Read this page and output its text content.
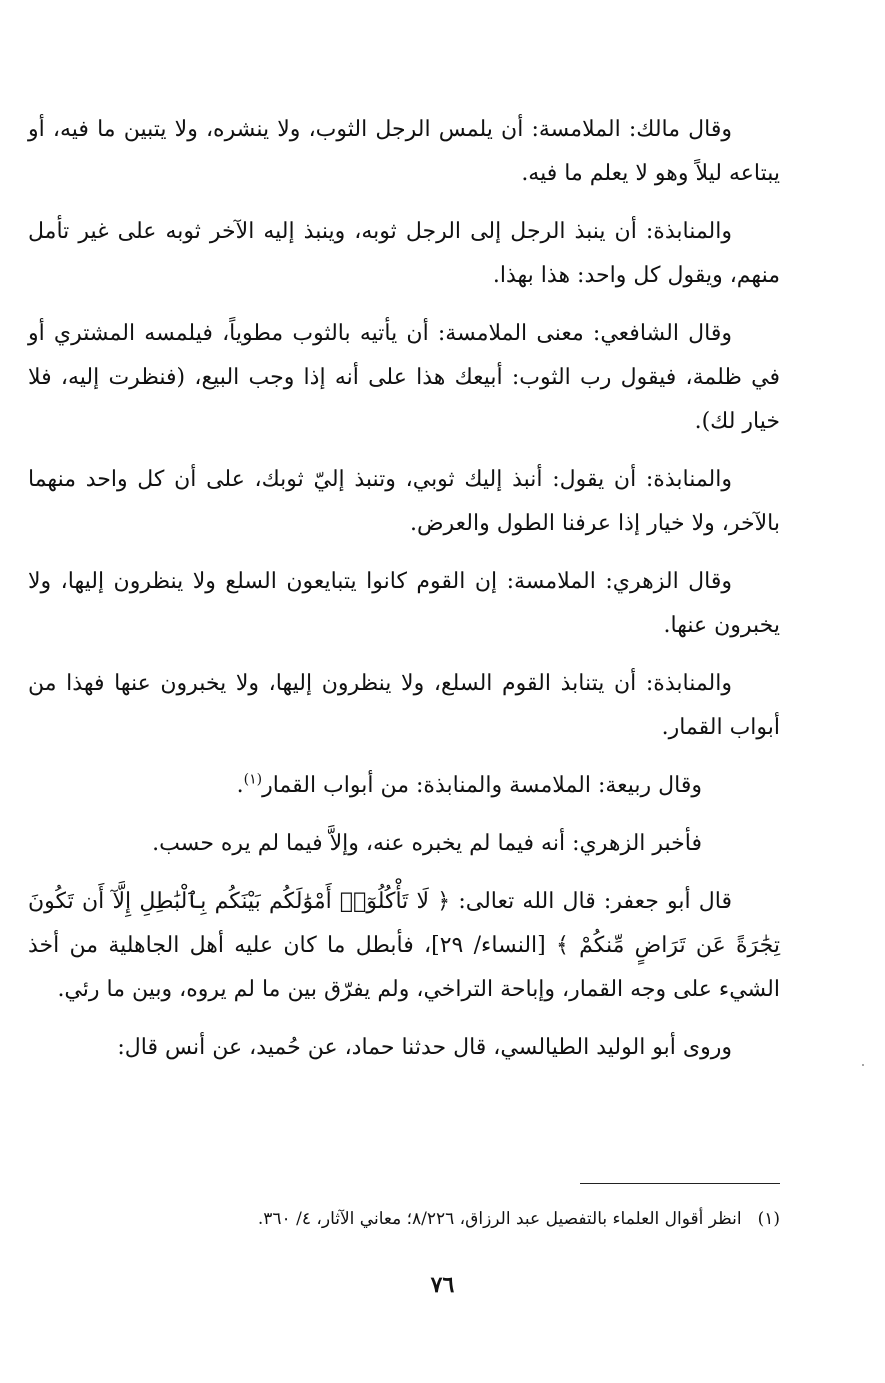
وقال مالك: الملامسة: أن يلمس الرجل الثوب، ولا ينشره، ولا يتبين ما فيه، أو يبتاعه ليلاً وهو لا يعلم ما فيه.

والمنابذة: أن ينبذ الرجل إلى الرجل ثوبه، وينبذ إليه الآخر ثوبه على غير تأمل منهم، ويقول كل واحد: هذا بهذا.

وقال الشافعي: معنى الملامسة: أن يأتيه بالثوب مطوياً، فيلمسه المشتري أو في ظلمة، فيقول رب الثوب: أبيعك هذا على أنه إذا وجب البيع، (فنظرت إليه، فلا خيار لك).

والمنابذة: أن يقول: أنبذ إليك ثوبي، وتنبذ إليّ ثوبك، على أن كل واحد منهما بالآخر، ولا خيار إذا عرفنا الطول والعرض.

وقال الزهري: الملامسة: إن القوم كانوا يتبايعون السلع ولا ينظرون إليها، ولا يخبرون عنها.

والمنابذة: أن يتنابذ القوم السلع، ولا ينظرون إليها، ولا يخبرون عنها فهذا من أبواب القمار.

وقال ربيعة: الملامسة والمنابذة: من أبواب القمار$^{(١)}$.

فأخبر الزهري: أنه فيما لم يخبره عنه، وإلاَّ فيما لم يره حسب.

قال أبو جعفر: قال الله تعالى: ﴿ لَا تَأْكُلُوٓا۟ أَمْوَٰلَكُم بَيْنَكُم بِٱلْبَٰطِلِ إِلَّآ أَن تَكُونَ تِجَٰرَةً عَن تَرَاضٍ مِّنكُمْ ﴾ [النساء/ ٢٩]، فأبطل ما كان عليه أهل الجاهلية من أخذ الشيء على وجه القمار، وإباحة التراخي، ولم يفرّق بين ما لم يروه، وبين ما رئي.

وروى أبو الوليد الطيالسي، قال حدثنا حماد، عن حُميد، عن أنس قال:

(١)انظر أقوال العلماء بالتفصيل عبد الرزاق، ٨/٢٢٦؛ معاني الآثار، ٤/ ٣٦٠.
٧٦
